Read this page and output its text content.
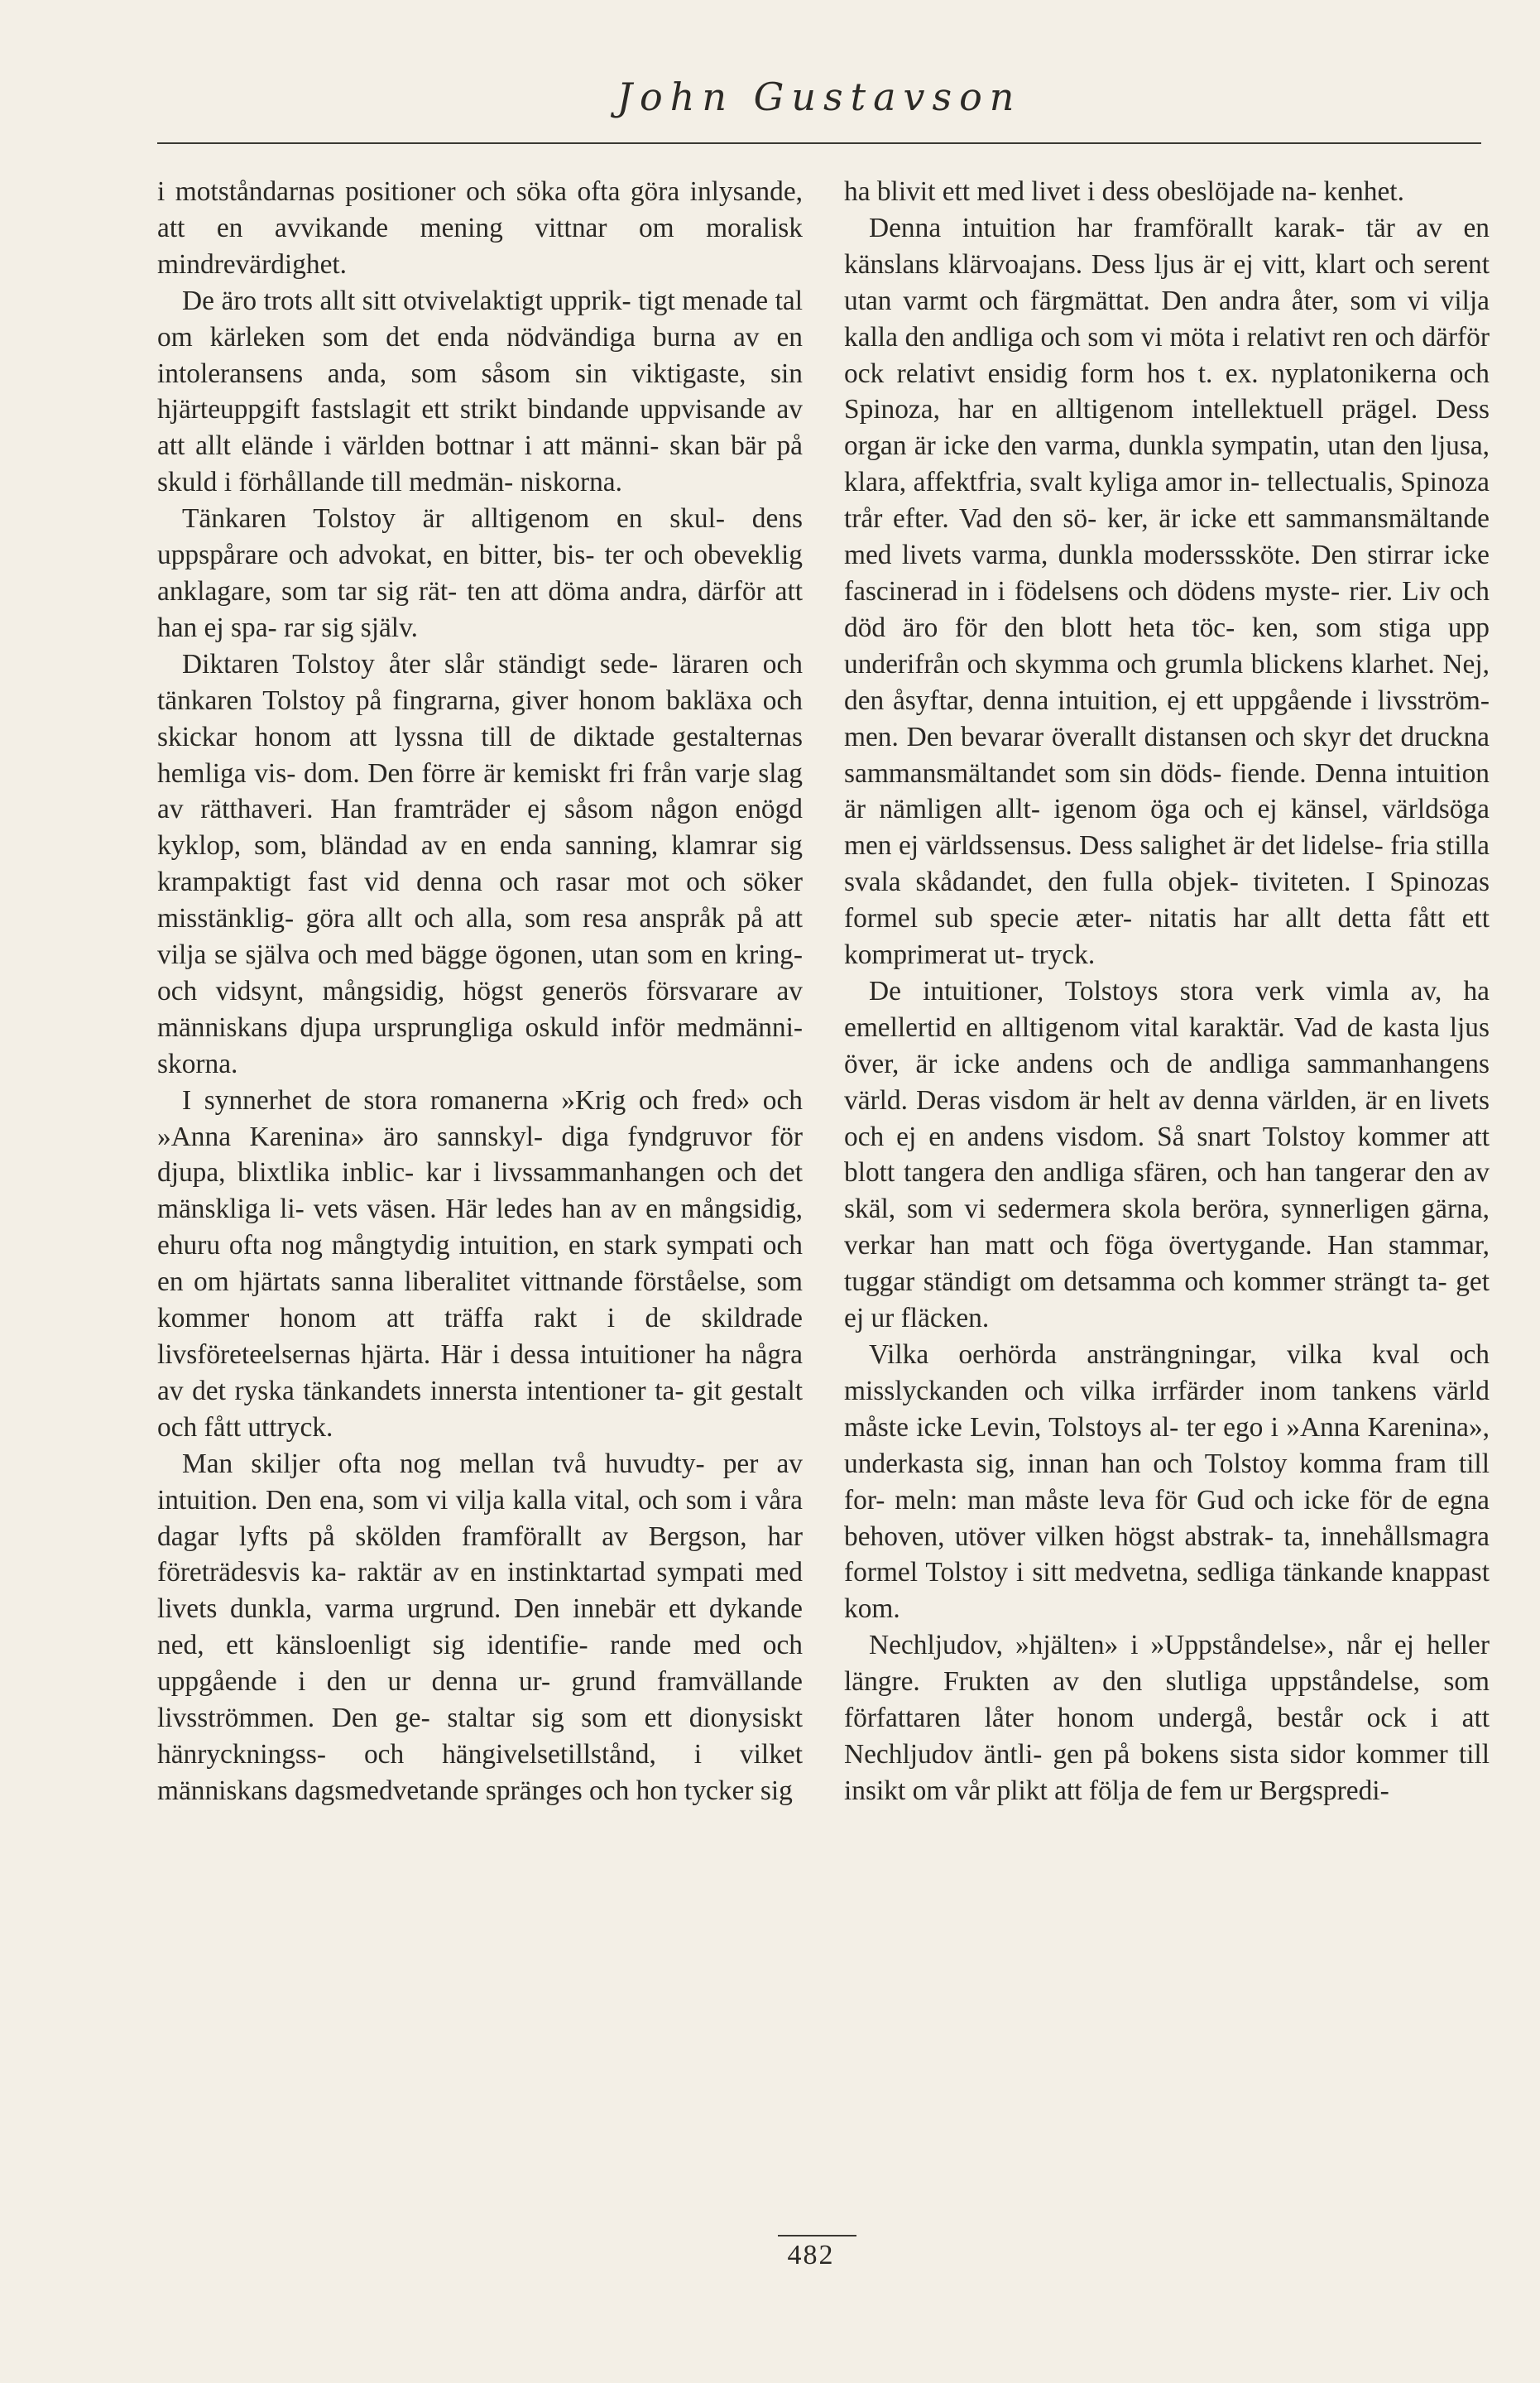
John Gustavson

i motståndarnas positioner och söka ofta göra inlysande, att en avvikande mening vittnar om moralisk mindrevärdighet.

De äro trots allt sitt otvivelaktigt upprik- tigt menade tal om kärleken som det enda nödvändiga burna av en intoleransens anda, som såsom sin viktigaste, sin hjärteuppgift fastslagit ett strikt bindande uppvisande av att allt elände i världen bottnar i att männi- skan bär på skuld i förhållande till medmän- niskorna.

Tänkaren Tolstoy är alltigenom en skul- dens uppspårare och advokat, en bitter, bis- ter och obeveklig anklagare, som tar sig rät- ten att döma andra, därför att han ej spa- rar sig själv.

Diktaren Tolstoy åter slår ständigt sede- läraren och tänkaren Tolstoy på fingrarna, giver honom bakläxa och skickar honom att lyssna till de diktade gestalternas hemliga vis- dom. Den förre är kemiskt fri från varje slag av rätthaveri. Han framträder ej såsom någon enögd kyklop, som, bländad av en enda sanning, klamrar sig krampaktigt fast vid denna och rasar mot och söker misstänklig- göra allt och alla, som resa anspråk på att vilja se själva och med bägge ögonen, utan som en kring- och vidsynt, mångsidig, högst generös försvarare av människans djupa ursprungliga oskuld inför medmänni- skorna.

I synnerhet de stora romanerna »Krig och fred» och »Anna Karenina» äro sannskyl- diga fyndgruvor för djupa, blixtlika inblic- kar i livssammanhangen och det mänskliga li- vets väsen. Här ledes han av en mångsidig, ehuru ofta nog mångtydig intuition, en stark sympati och en om hjärtats sanna liberalitet vittnande förståelse, som kommer honom att träffa rakt i de skildrade livsföreteelsernas hjärta. Här i dessa intuitioner ha några av det ryska tänkandets innersta intentioner ta- git gestalt och fått uttryck.

Man skiljer ofta nog mellan två huvudty- per av intuition. Den ena, som vi vilja kalla vital, och som i våra dagar lyfts på skölden framförallt av Bergson, har företrädesvis ka- raktär av en instinktartad sympati med livets dunkla, varma urgrund. Den innebär ett dykande ned, ett känsloenligt sig identifie- rande med och uppgående i den ur denna ur- grund framvällande livsströmmen. Den ge- staltar sig som ett dionysiskt hänryckningss- och hängivelsetillstånd, i vilket människans dagsmedvetande spränges och hon tycker sig

ha blivit ett med livet i dess obeslöjade na- kenhet.

Denna intuition har framförallt karak- tär av en känslans klärvoajans. Dess ljus är ej vitt, klart och serent utan varmt och färgmättat. Den andra åter, som vi vilja kalla den andliga och som vi möta i relativt ren och därför ock relativt ensidig form hos t. ex. nyplatonikerna och Spinoza, har en alltigenom intellektuell prägel. Dess organ är icke den varma, dunkla sympatin, utan den ljusa, klara, affektfria, svalt kyliga amor in- tellectualis, Spinoza trår efter. Vad den sö- ker, är icke ett sammansmältande med livets varma, dunkla modersssköte. Den stirrar icke fascinerad in i födelsens och dödens myste- rier. Liv och död äro för den blott heta töc- ken, som stiga upp underifrån och skymma och grumla blickens klarhet. Nej, den åsyftar, denna intuition, ej ett uppgående i livsström- men. Den bevarar överallt distansen och skyr det druckna sammansmältandet som sin döds- fiende. Denna intuition är nämligen allt- igenom öga och ej känsel, världsöga men ej världssensus. Dess salighet är det lidelse- fria stilla svala skådandet, den fulla objek- tiviteten. I Spinozas formel sub specie æter- nitatis har allt detta fått ett komprimerat ut- tryck.

De intuitioner, Tolstoys stora verk vimla av, ha emellertid en alltigenom vital karaktär. Vad de kasta ljus över, är icke andens och de andliga sammanhangens värld. Deras visdom är helt av denna världen, är en livets och ej en andens visdom. Så snart Tolstoy kommer att blott tangera den andliga sfären, och han tangerar den av skäl, som vi sedermera skola beröra, synnerligen gärna, verkar han matt och föga övertygande. Han stammar, tuggar ständigt om detsamma och kommer strängt ta- get ej ur fläcken.

Vilka oerhörda ansträngningar, vilka kval och misslyckanden och vilka irrfärder inom tankens värld måste icke Levin, Tolstoys al- ter ego i »Anna Karenina», underkasta sig, innan han och Tolstoy komma fram till for- meln: man måste leva för Gud och icke för de egna behoven, utöver vilken högst abstrak- ta, innehållsmagra formel Tolstoy i sitt medvetna, sedliga tänkande knappast kom.

Nechljudov, »hjälten» i »Uppståndelse», når ej heller längre. Frukten av den slutliga uppståndelse, som författaren låter honom undergå, består ock i att Nechljudov äntli- gen på bokens sista sidor kommer till insikt om vår plikt att följa de fem ur Bergspredi-

482
